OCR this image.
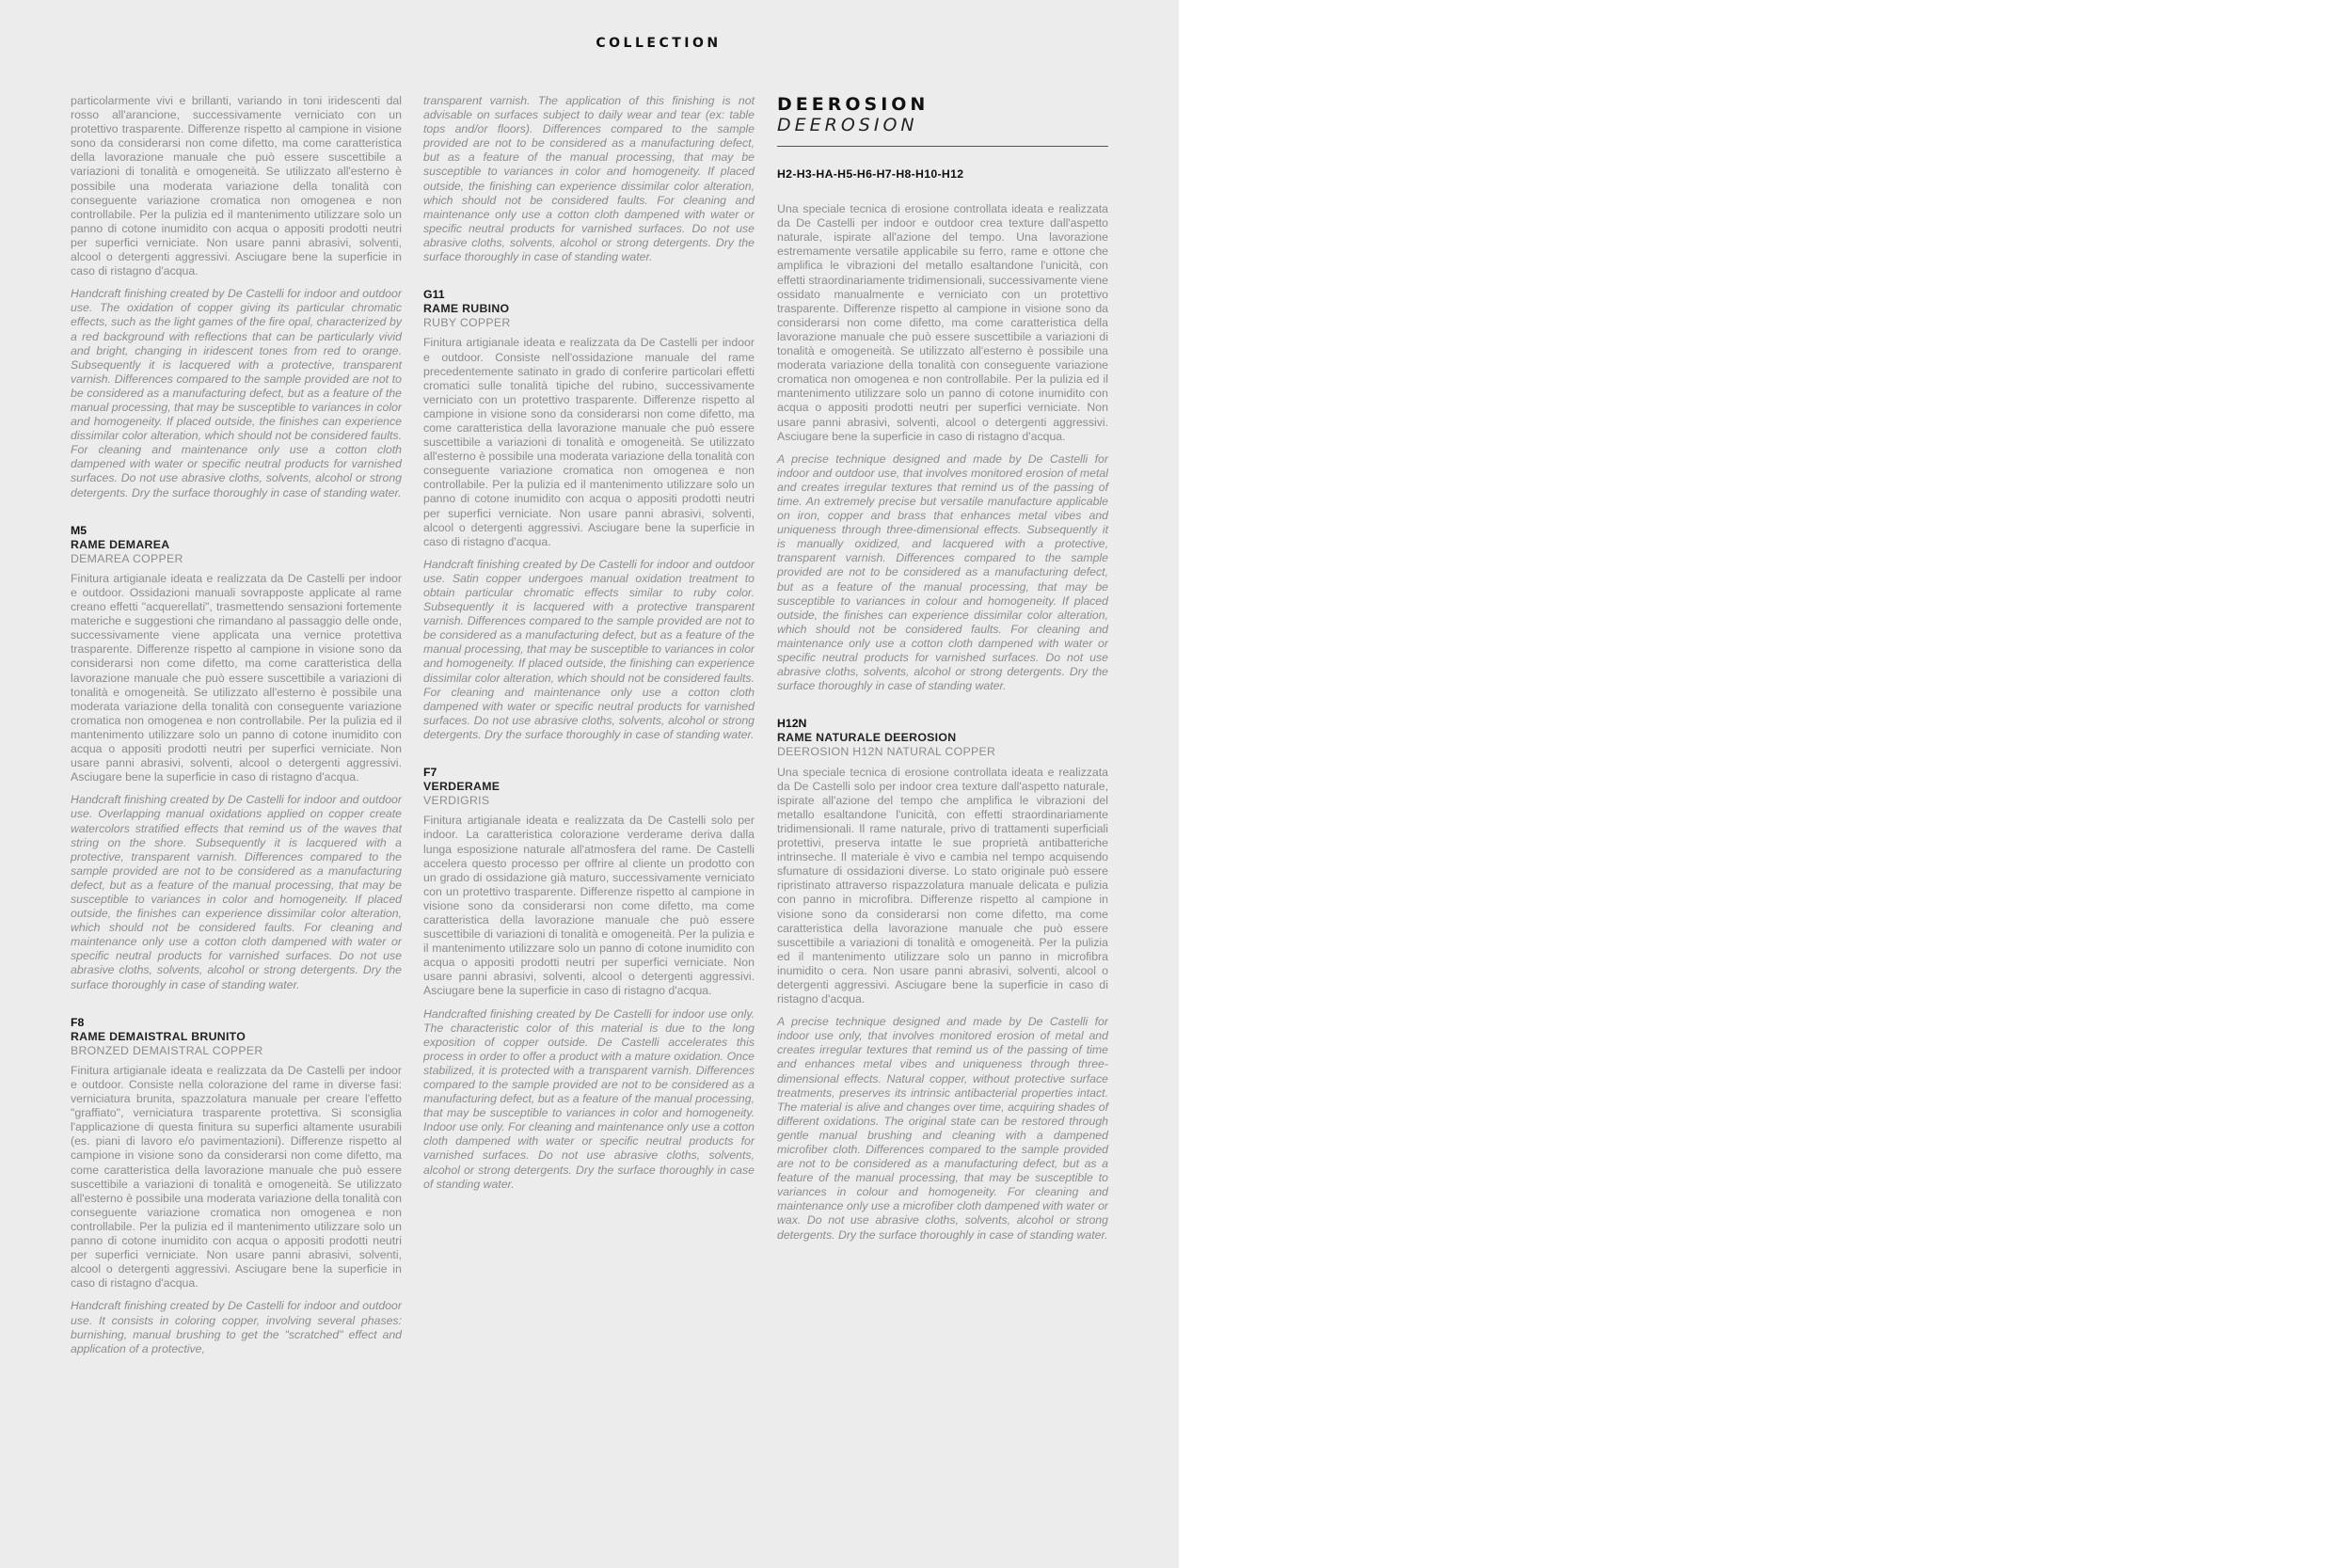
COLLECTION

particolarmente vivi e brillanti, variando in toni iridescenti dal rosso all'arancione, successivamente verniciato con un protettivo trasparente. Differenze rispetto al campione in visione sono da considerarsi non come difetto, ma come caratteristica della lavorazione manuale che può essere suscettibile a variazioni di tonalità e omogeneità. Se utilizzato all'esterno è possibile una moderata variazione della tonalità con conseguente variazione cromatica non omogenea e non controllabile. Per la pulizia ed il mantenimento utilizzare solo un panno di cotone inumidito con acqua o appositi prodotti neutri per superfici verniciate. Non usare panni abrasivi, solventi, alcool o detergenti aggressivi. Asciugare bene la superficie in caso di ristagno d'acqua.

Handcraft finishing created by De Castelli for indoor and outdoor use. The oxidation of copper giving its particular chromatic effects, such as the light games of the fire opal, characterized by a red background with reflections that can be particularly vivid and bright, changing in iridescent tones from red to orange. Subsequently it is lacquered with a protective, transparent varnish. Differences compared to the sample provided are not to be considered as a manufacturing defect, but as a feature of the manual processing, that may be susceptible to variances in color and homogeneity. If placed outside, the finishes can experience dissimilar color alteration, which should not be considered faults. For cleaning and maintenance only use a cotton cloth dampened with water or specific neutral products for varnished surfaces. Do not use abrasive cloths, solvents, alcohol or strong detergents. Dry the surface thoroughly in case of standing water.

M5
RAME DEMAREA
DEMAREA COPPER

Finitura artigianale ideata e realizzata da De Castelli per indoor e outdoor. Ossidazioni manuali sovrapposte applicate al rame creano effetti "acquerellati", trasmettendo sensazioni fortemente materiche e suggestioni che rimandano al passaggio delle onde, successivamente viene applicata una vernice protettiva trasparente. Differenze rispetto al campione in visione sono da considerarsi non come difetto, ma come caratteristica della lavorazione manuale che può essere suscettibile a variazioni di tonalità e omogeneità. Se utilizzato all'esterno è possibile una moderata variazione della tonalità con conseguente variazione cromatica non omogenea e non controllabile. Per la pulizia ed il mantenimento utilizzare solo un panno di cotone inumidito con acqua o appositi prodotti neutri per superfici verniciate. Non usare panni abrasivi, solventi, alcool o detergenti aggressivi. Asciugare bene la superficie in caso di ristagno d'acqua.

Handcraft finishing created by De Castelli for indoor and outdoor use. Overlapping manual oxidations applied on copper create watercolors stratified effects that remind us of the waves that string on the shore. Subsequently it is lacquered with a protective, transparent varnish. Differences compared to the sample provided are not to be considered as a manufacturing defect, but as a feature of the manual processing, that may be susceptible to variances in color and homogeneity. If placed outside, the finishes can experience dissimilar color alteration, which should not be considered faults. For cleaning and maintenance only use a cotton cloth dampened with water or specific neutral products for varnished surfaces. Do not use abrasive cloths, solvents, alcohol or strong detergents. Dry the surface thoroughly in case of standing water.

F8
RAME DEMAISTRAL BRUNITO
BRONZED DEMAISTRAL COPPER

Finitura artigianale ideata e realizzata da De Castelli per indoor e outdoor. Consiste nella colorazione del rame in diverse fasi: verniciatura brunita, spazzolatura manuale per creare l'effetto "graffiato", verniciatura trasparente protettiva. Si sconsiglia l'applicazione di questa finitura su superfici altamente usurabili (es. piani di lavoro e/o pavimentazioni). Differenze rispetto al campione in visione sono da considerarsi non come difetto, ma come caratteristica della lavorazione manuale che può essere suscettibile a variazioni di tonalità e omogeneità. Se utilizzato all'esterno è possibile una moderata variazione della tonalità con conseguente variazione cromatica non omogenea e non controllabile. Per la pulizia ed il mantenimento utilizzare solo un panno di cotone inumidito con acqua o appositi prodotti neutri per superfici verniciate. Non usare panni abrasivi, solventi, alcool o detergenti aggressivi. Asciugare bene la superficie in caso di ristagno d'acqua.

Handcraft finishing created by De Castelli for indoor and outdoor use. It consists in coloring copper, involving several phases: burnishing, manual brushing to get the "scratched" effect and application of a protective,

transparent varnish. The application of this finishing is not advisable on surfaces subject to daily wear and tear (ex: table tops and/or floors). Differences compared to the sample provided are not to be considered as a manufacturing defect, but as a feature of the manual processing, that may be susceptible to variances in color and homogeneity. If placed outside, the finishing can experience dissimilar color alteration, which should not be considered faults. For cleaning and maintenance only use a cotton cloth dampened with water or specific neutral products for varnished surfaces. Do not use abrasive cloths, solvents, alcohol or strong detergents. Dry the surface thoroughly in case of standing water.

G11
RAME RUBINO
RUBY COPPER

Finitura artigianale ideata e realizzata da De Castelli per indoor e outdoor. Consiste nell'ossidazione manuale del rame precedentemente satinato in grado di conferire particolari effetti cromatici sulle tonalità tipiche del rubino, successivamente verniciato con un protettivo trasparente. Differenze rispetto al campione in visione sono da considerarsi non come difetto, ma come caratteristica della lavorazione manuale che può essere suscettibile a variazioni di tonalità e omogeneità. Se utilizzato all'esterno è possibile una moderata variazione della tonalità con conseguente variazione cromatica non omogenea e non controllabile. Per la pulizia ed il mantenimento utilizzare solo un panno di cotone inumidito con acqua o appositi prodotti neutri per superfici verniciate. Non usare panni abrasivi, solventi, alcool o detergenti aggressivi. Asciugare bene la superficie in caso di ristagno d'acqua.

Handcraft finishing created by De Castelli for indoor and outdoor use. Satin copper undergoes manual oxidation treatment to obtain particular chromatic effects similar to ruby color. Subsequently it is lacquered with a protective transparent varnish. Differences compared to the sample provided are not to be considered as a manufacturing defect, but as a feature of the manual processing, that may be susceptible to variances in color and homogeneity. If placed outside, the finishing can experience dissimilar color alteration, which should not be considered faults. For cleaning and maintenance only use a cotton cloth dampened with water or specific neutral products for varnished surfaces. Do not use abrasive cloths, solvents, alcohol or strong detergents. Dry the surface thoroughly in case of standing water.

F7
VERDERAME
VERDIGRIS

Finitura artigianale ideata e realizzata da De Castelli solo per indoor. La caratteristica colorazione verderame deriva dalla lunga esposizione naturale all'atmosfera del rame. De Castelli accelera questo processo per offrire al cliente un prodotto con un grado di ossidazione già maturo, successivamente verniciato con un protettivo trasparente. Differenze rispetto al campione in visione sono da considerarsi non come difetto, ma come caratteristica della lavorazione manuale che può essere suscettibile di variazioni di tonalità e omogeneità. Per la pulizia e il mantenimento utilizzare solo un panno di cotone inumidito con acqua o appositi prodotti neutri per superfici verniciate. Non usare panni abrasivi, solventi, alcool o detergenti aggressivi. Asciugare bene la superficie in caso di ristagno d'acqua.

Handcrafted finishing created by De Castelli for indoor use only. The characteristic color of this material is due to the long exposition of copper outside. De Castelli accelerates this process in order to offer a product with a mature oxidation. Once stabilized, it is protected with a transparent varnish. Differences compared to the sample provided are not to be considered as a manufacturing defect, but as a feature of the manual processing, that may be susceptible to variances in color and homogeneity. Indoor use only. For cleaning and maintenance only use a cotton cloth dampened with water or specific neutral products for varnished surfaces. Do not use abrasive cloths, solvents, alcohol or strong detergents. Dry the surface thoroughly in case of standing water.

DEEROSION
DEEROSION
H2-H3-HA-H5-H6-H7-H8-H10-H12

Una speciale tecnica di erosione controllata ideata e realizzata da De Castelli per indoor e outdoor crea texture dall'aspetto naturale, ispirate all'azione del tempo. Una lavorazione estremamente versatile applicabile su ferro, rame e ottone che amplifica le vibrazioni del metallo esaltandone l'unicità, con effetti straordinariamente tridimensionali, successivamente viene ossidato manualmente e verniciato con un protettivo trasparente. Differenze rispetto al campione in visione sono da considerarsi non come difetto, ma come caratteristica della lavorazione manuale che può essere suscettibile a variazioni di tonalità e omogeneità. Se utilizzato all'esterno è possibile una moderata variazione della tonalità con conseguente variazione cromatica non omogenea e non controllabile. Per la pulizia ed il mantenimento utilizzare solo un panno di cotone inumidito con acqua o appositi prodotti neutri per superfici verniciate. Non usare panni abrasivi, solventi, alcool o detergenti aggressivi. Asciugare bene la superficie in caso di ristagno d'acqua.

A precise technique designed and made by De Castelli for indoor and outdoor use, that involves monitored erosion of metal and creates irregular textures that remind us of the passing of time. An extremely precise but versatile manufacture applicable on iron, copper and brass that enhances metal vibes and uniqueness through three-dimensional effects. Subsequently it is manually oxidized, and lacquered with a protective, transparent varnish. Differences compared to the sample provided are not to be considered as a manufacturing defect, but as a feature of the manual processing, that may be susceptible to variances in colour and homogeneity. If placed outside, the finishes can experience dissimilar color alteration, which should not be considered faults. For cleaning and maintenance only use a cotton cloth dampened with water or specific neutral products for varnished surfaces. Do not use abrasive cloths, solvents, alcohol or strong detergents. Dry the surface thoroughly in case of standing water.

H12N
RAME NATURALE DEEROSION
DEEROSION H12N NATURAL COPPER

Una speciale tecnica di erosione controllata ideata e realizzata da De Castelli solo per indoor crea texture dall'aspetto naturale, ispirate all'azione del tempo che amplifica le vibrazioni del metallo esaltandone l'unicità, con effetti straordinariamente tridimensionali. Il rame naturale, privo di trattamenti superficiali protettivi, preserva intatte le sue proprietà antibatteriche intrinseche. Il materiale è vivo e cambia nel tempo acquisendo sfumature di ossidazioni diverse. Lo stato originale può essere ripristinato attraverso rispazzolatura manuale delicata e pulizia con panno in microfibra. Differenze rispetto al campione in visione sono da considerarsi non come difetto, ma come caratteristica della lavorazione manuale che può essere suscettibile a variazioni di tonalità e omogeneità. Per la pulizia ed il mantenimento utilizzare solo un panno in microfibra inumidito o cera. Non usare panni abrasivi, solventi, alcool o detergenti aggressivi. Asciugare bene la superficie in caso di ristagno d'acqua.

A precise technique designed and made by De Castelli for indoor use only, that involves monitored erosion of metal and creates irregular textures that remind us of the passing of time and enhances metal vibes and uniqueness through three-dimensional effects. Natural copper, without protective surface treatments, preserves its intrinsic antibacterial properties intact. The material is alive and changes over time, acquiring shades of different oxidations. The original state can be restored through gentle manual brushing and cleaning with a dampened microfiber cloth. Differences compared to the sample provided are not to be considered as a manufacturing defect, but as a feature of the manual processing, that may be susceptible to variances in colour and homogeneity. For cleaning and maintenance only use a microfiber cloth dampened with water or wax. Do not use abrasive cloths, solvents, alcohol or strong detergents. Dry the surface thoroughly in case of standing water.
